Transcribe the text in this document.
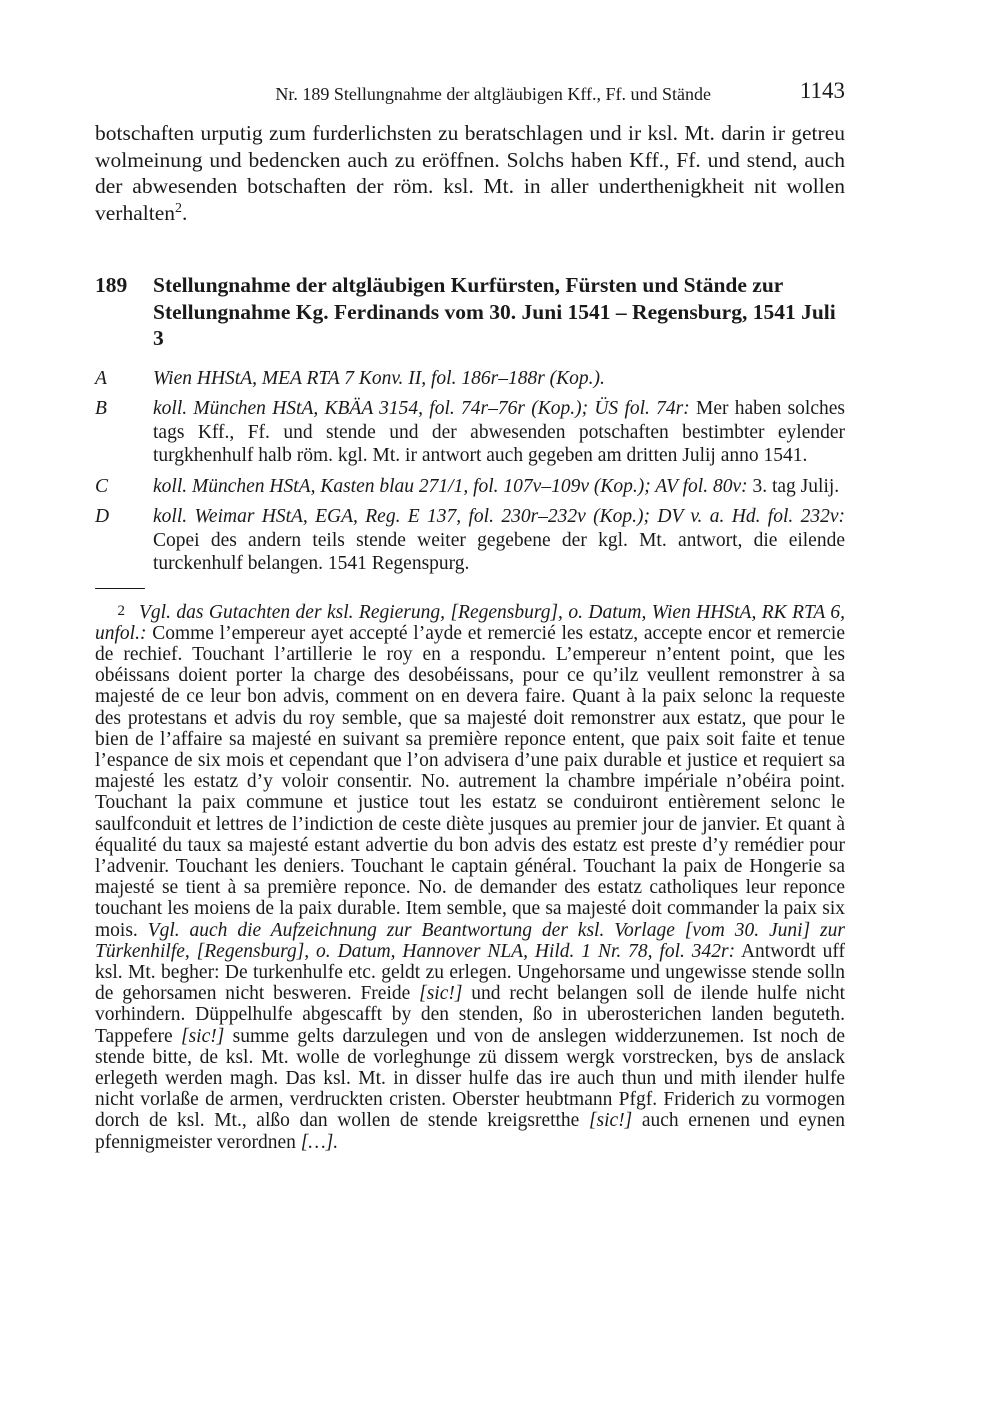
Nr. 189 Stellungnahme der altgläubigen Kff., Ff. und Stände	1143

botschaften urputig zum furderlichsten zu beratschlagen und ir ksl. Mt. darin ir getreu wolmeinung und bedencken auch zu eröffnen. Solchs haben Kff., Ff. und stend, auch der abwesenden botschaften der röm. ksl. Mt. in aller underthenigkheit nit wollen verhalten$^2$.

189	Stellungnahme der altgläubigen Kurfürsten, Fürsten und Stände zur Stellungnahme Kg. Ferdinands vom 30. Juni 1541 – Regensburg, 1541 Juli 3
A	Wien HHStA, MEA RTA 7 Konv. II, fol. 186r–188r (Kop.).
B	koll. München HStA, KBÄA 3154, fol. 74r–76r (Kop.); ÜS fol. 74r: Mer haben solches tags Kff., Ff. und stende und der abwesenden potschaften bestimbter eylender turgkhenhulf halb röm. kgl. Mt. ir antwort auch gegeben am dritten Julij anno 1541.
C	koll. München HStA, Kasten blau 271/1, fol. 107v–109v (Kop.); AV fol. 80v: 3. tag Julij.
D	koll. Weimar HStA, EGA, Reg. E 137, fol. 230r–232v (Kop.); DV v. a. Hd. fol. 232v: Copei des andern teils stende weiter gegebene der kgl. Mt. antwort, die eilende turckenhulf belangen. 1541 Regenspurg.

2 Vgl. das Gutachten der ksl. Regierung, [Regensburg], o. Datum, Wien HHStA, RK RTA 6, unfol.: Comme l’empereur ayet accepté l’ayde et remercié les estatz, accepte encor et remercie de rechief. Touchant l’artillerie le roy en a respondu. L’empereur n’entent point, que les obéissans doient porter la charge des desobéissans, pour ce qu’ilz veullent remonstrer à sa majesté de ce leur bon advis, comment on en devera faire. Quant à la paix selonc la requeste des protestans et advis du roy semble, que sa majesté doit remonstrer aux estatz, que pour le bien de l’affaire sa majesté en suivant sa première reponce entent, que paix soit faite et tenue l’espance de six mois et cependant que l’on advisera d’une paix durable et justice et requiert sa majesté les estatz d’y voloir consentir. No. autrement la chambre impériale n’obéira point. Touchant la paix commune et justice tout les estatz se conduiront entièrement selonc le saulfconduit et lettres de l’indiction de ceste diète jusques au premier jour de janvier. Et quant à équalité du taux sa majesté estant advertie du bon advis des estatz est preste d’y remédier pour l’advenir. Touchant les deniers. Touchant le captain général. Touchant la paix de Hongerie sa majesté se tient à sa première reponce. No. de demander des estatz catholiques leur reponce touchant les moiens de la paix durable. Item semble, que sa majesté doit commander la paix six mois. Vgl. auch die Aufzeichnung zur Beantwortung der ksl. Vorlage [vom 30. Juni] zur Türkenhilfe, [Regensburg], o. Datum, Hannover NLA, Hild. 1 Nr. 78, fol. 342r: Antwordt uff ksl. Mt. begher: De turkenhulfe etc. geldt zu erlegen. Ungehorsame und ungewisse stende solln de gehorsamen nicht besweren. Freide [sic!] und recht belangen soll de ilende hulfe nicht vorhindern. Düppelhulfe abgescafft by den stenden, ßo in uberosterichen landen beguteth. Tappefere [sic!] summe gelts darzulegen und von de anslegen widderzunemen. Ist noch de stende bitte, de ksl. Mt. wolle de vorleghunge zü dissem wergk vorstrecken, bys de anslack erlegeth werden magh. Das ksl. Mt. in disser hulfe das ire auch thun und mith ilender hulfe nicht vorlaße de armen, verdruckten cristen. Oberster heubtmann Pfgf. Friderich zu vormogen dorch de ksl. Mt., alßo dan wollen de stende kreigsretthe [sic!] auch ernenen und eynen pfennigmeister verordnen […].
